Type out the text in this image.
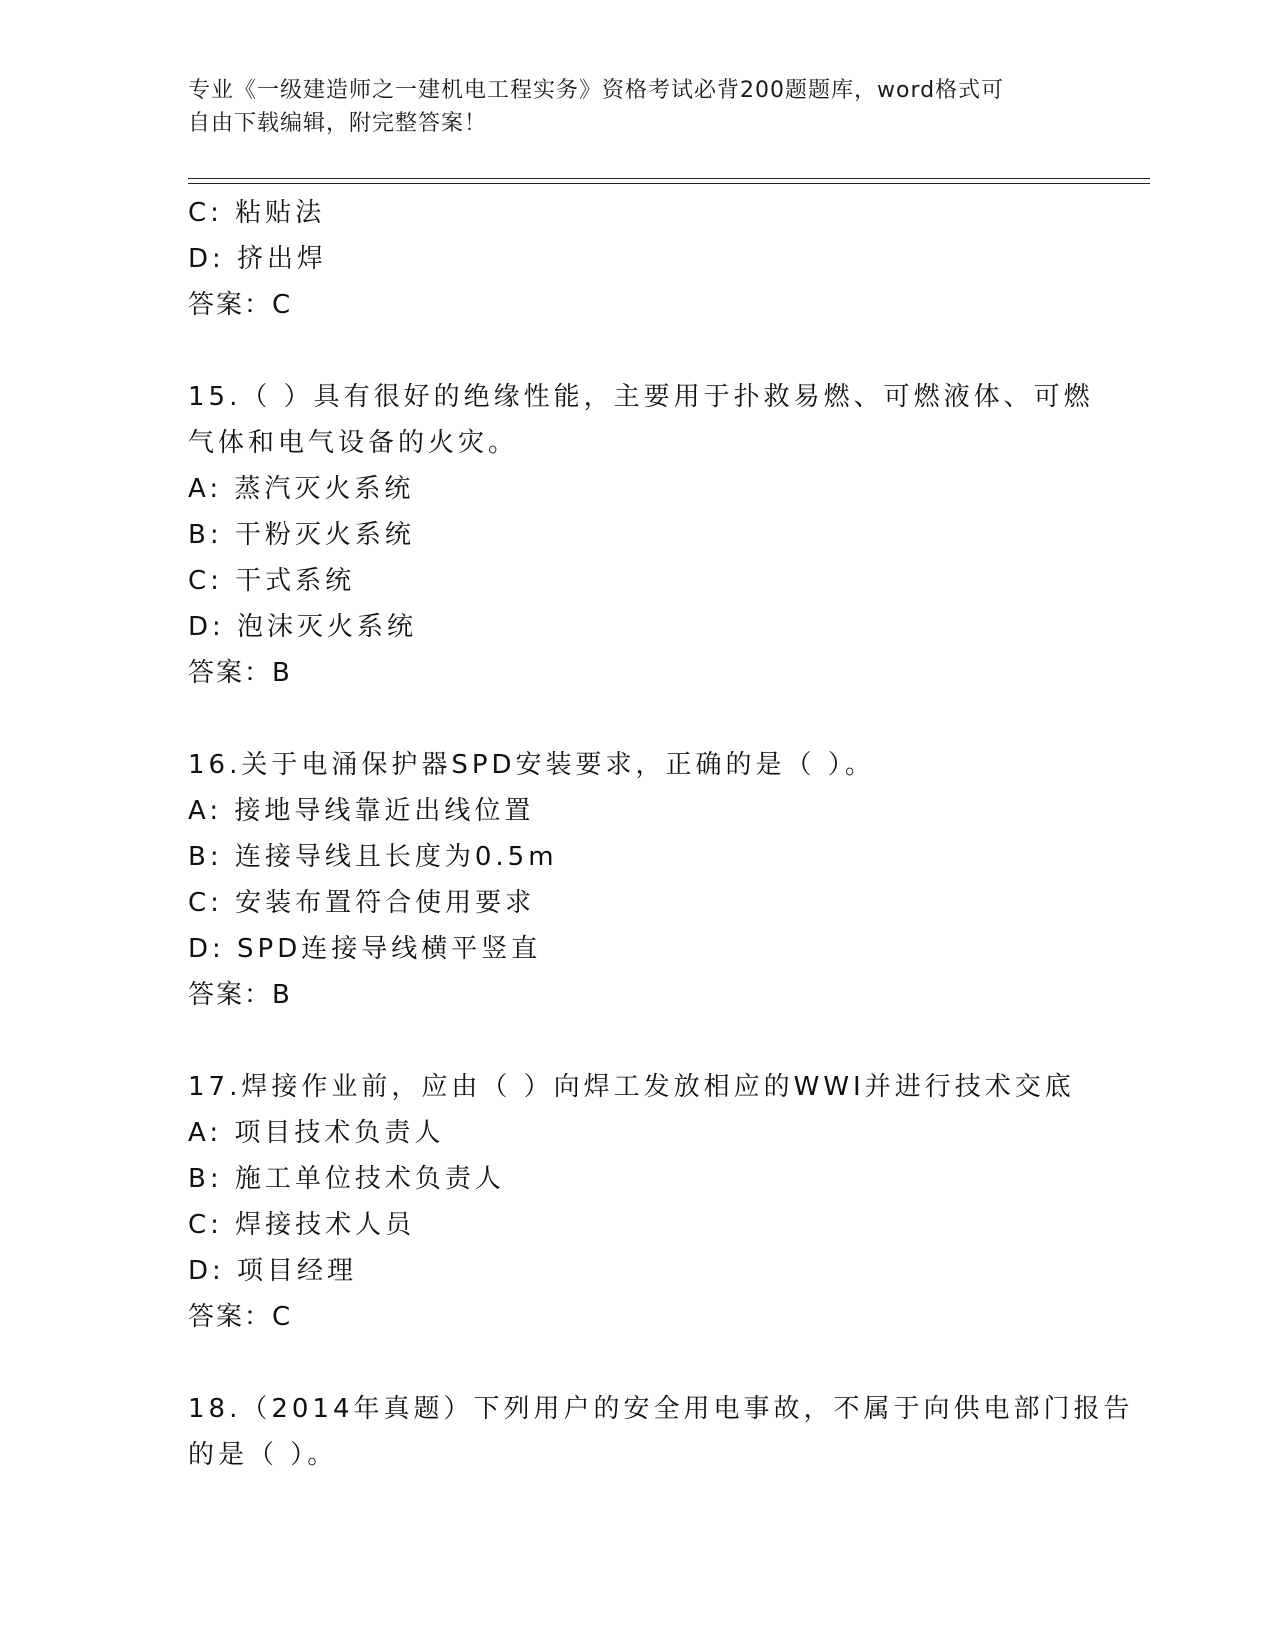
专业《一级建造师之一建机电工程实务》资格考试必背200题题库，word格式可
自由下载编辑，附完整答案！
C: 粘贴法
D: 挤出焊
答案：C
15.（ ）具有很好的绝缘性能，主要用于扑救易燃、可燃液体、可燃
气体和电气设备的火灾。
A: 蒸汽灭火系统
B: 干粉灭火系统
C: 干式系统
D: 泡沫灭火系统
答案：B
16.关于电涌保护器SPD安装要求，正确的是（ ）。
A: 接地导线靠近出线位置
B: 连接导线且长度为0.5m
C: 安装布置符合使用要求
D: SPD连接导线横平竖直
答案：B
17.焊接作业前，应由（ ）向焊工发放相应的WWI并进行技术交底
A: 项目技术负责人
B: 施工单位技术负责人
C: 焊接技术人员
D: 项目经理
答案：C
18.（2014年真题）下列用户的安全用电事故，不属于向供电部门报告
的是（ ）。
